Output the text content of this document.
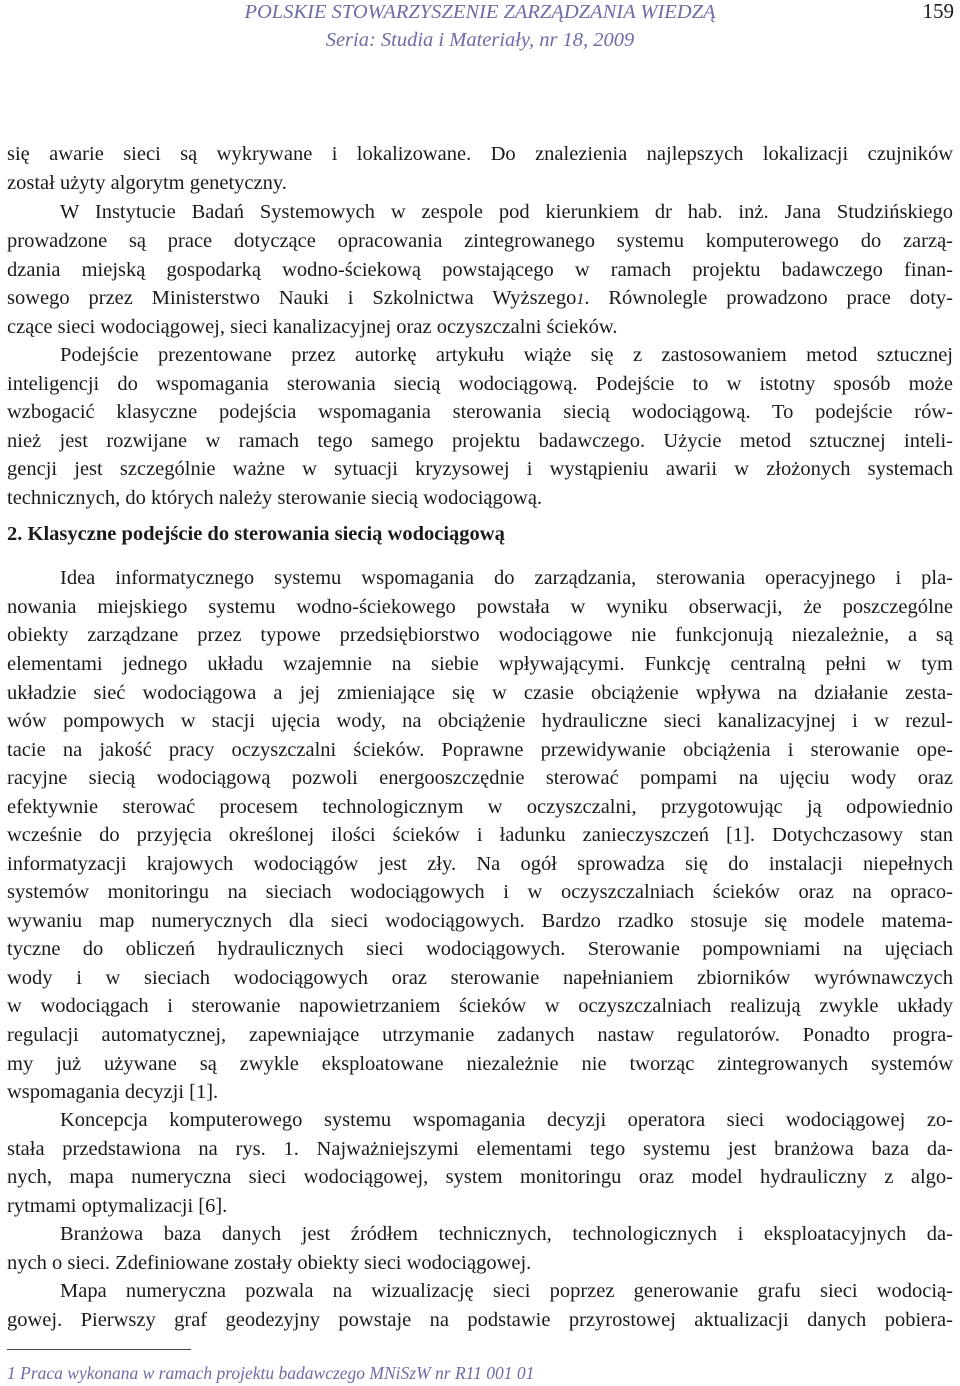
POLSKIE STOWARZYSZENIE ZARZĄDZANIA WIEDZĄ
Seria: Studia i Materiały, nr 18, 2009
159
się awarie sieci są wykrywane i lokalizowane. Do znalezienia najlepszych lokalizacji czujników
został użyty algorytm genetyczny.
W Instytucie Badań Systemowych w zespole pod kierunkiem dr hab. inż. Jana Studzińskiego
prowadzone są prace dotyczące opracowania zintegrowanego systemu komputerowego do zarzą-
dzania miejską gospodarką wodno-ściekową powstającego w ramach projektu badawczego finan-
sowego przez Ministerstwo Nauki i Szkolnictwa Wyższego1. Równolegle prowadzono prace doty-
czące sieci wodociągowej, sieci kanalizacyjnej oraz oczyszczalni ścieków.
Podejście prezentowane przez autorkę artykułu wiąże się z zastosowaniem metod sztucznej
inteligencji do wspomagania sterowania siecią wodociągową. Podejście to w istotny sposób może
wzbogacić klasyczne podejścia wspomagania sterowania siecią wodociągową. To podejście rów-
nież jest rozwijane w ramach tego samego projektu badawczego. Użycie metod sztucznej inteli-
gencji jest szczególnie ważne w sytuacji kryzysowej i wystąpieniu awarii w złożonych systemach
technicznych, do których należy sterowanie siecią wodociągową.
Idea informatycznego systemu wspomagania do zarządzania, sterowania operacyjnego i pla-
nowania miejskiego systemu wodno-ściekowego powstała w wyniku obserwacji, że poszczególne
obiekty zarządzane przez typowe przedsiębiorstwo wodociągowe nie funkcjonują niezależnie, a są
elementami jednego układu wzajemnie na siebie wpływającymi. Funkcję centralną pełni w tym
układzie sieć wodociągowa a jej zmieniające się w czasie obciążenie wpływa na działanie zesta-
wów pompowych w stacji ujęcia wody, na obciążenie hydrauliczne sieci kanalizacyjnej i w rezul-
tacie na jakość pracy oczyszczalni ścieków. Poprawne przewidywanie obciążenia i sterowanie ope-
racyjne siecią wodociągową pozwoli energooszczędnie sterować pompami na ujęciu wody oraz
efektywnie sterować procesem technologicznym w oczyszczalni, przygotowując ją odpowiednio
wcześnie do przyjęcia określonej ilości ścieków i ładunku zanieczyszczeń [1]. Dotychczasowy stan
informatyzacji krajowych wodociągów jest zły. Na ogół sprowadza się do instalacji niepełnych
systemów monitoringu na sieciach wodociągowych i w oczyszczalniach ścieków oraz na opraco-
wywaniu map numerycznych dla sieci wodociągowych. Bardzo rzadko stosuje się modele matema-
tyczne do obliczeń hydraulicznych sieci wodociągowych. Sterowanie pompowniami na ujęciach
wody i w sieciach wodociągowych oraz sterowanie napełnianiem zbiorników wyrównawczych
w wodociągach i sterowanie napowietrzaniem ścieków w oczyszczalniach realizują zwykle układy
regulacji automatycznej, zapewniające utrzymanie zadanych nastaw regulatorów. Ponadto progra-
my już używane są zwykle eksploatowane niezależnie nie tworząc zintegrowanych systemów
wspomagania decyzji [1].
Koncepcja komputerowego systemu wspomagania decyzji operatora sieci wodociągowej zo-
stała przedstawiona na rys. 1. Najważniejszymi elementami tego systemu jest branżowa baza da-
nych, mapa numeryczna sieci wodociągowej, system monitoringu oraz model hydrauliczny z algo-
rytmami optymalizacji [6].
Branżowa baza danych jest źródłem technicznych, technologicznych i eksploatacyjnych da-
nych o sieci. Zdefiniowane zostały obiekty sieci wodociągowej.
Mapa numeryczna pozwala na wizualizację sieci poprzez generowanie grafu sieci wodocią-
gowej. Pierwszy graf geodezyjny powstaje na podstawie przyrostowej aktualizacji danych pobiera-
2. Klasyczne podejście do sterowania siecią wodociągową
1 Praca wykonana w ramach projektu badawczego MNiSzW nr R11 001 01
